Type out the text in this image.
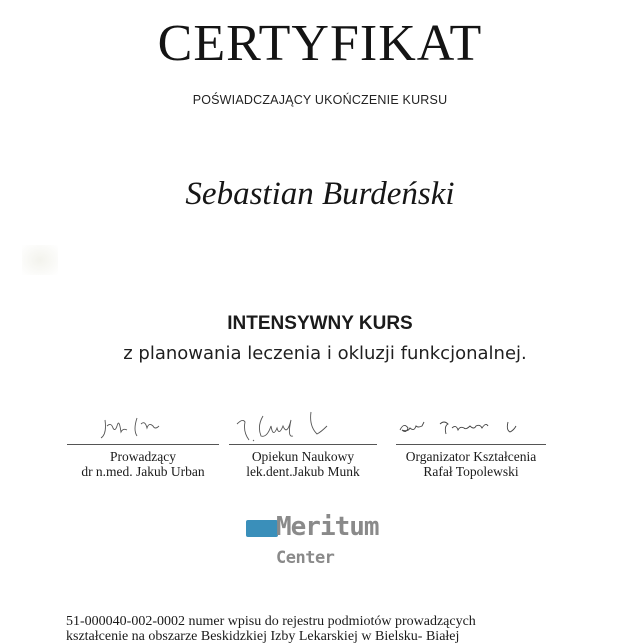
CERTYFIKAT
POŚWIADCZAJĄCY UKOŃCZENIE KURSU
Sebastian Burdeński
INTENSYWNY KURS
z planowania leczenia i okluzji funkcjonalnej.
Prowadzący
dr n.med. Jakub Urban
Opiekun Naukowy
lek.dent.Jakub Munk
Organizator Kształcenia
Rafał Topolewski
Meritum
Center
51-000040-002-0002 numer wpisu do rejestru podmiotów prowadzących
kształcenie na obszarze Beskidzkiej Izby Lekarskiej w Bielsku- Białej
